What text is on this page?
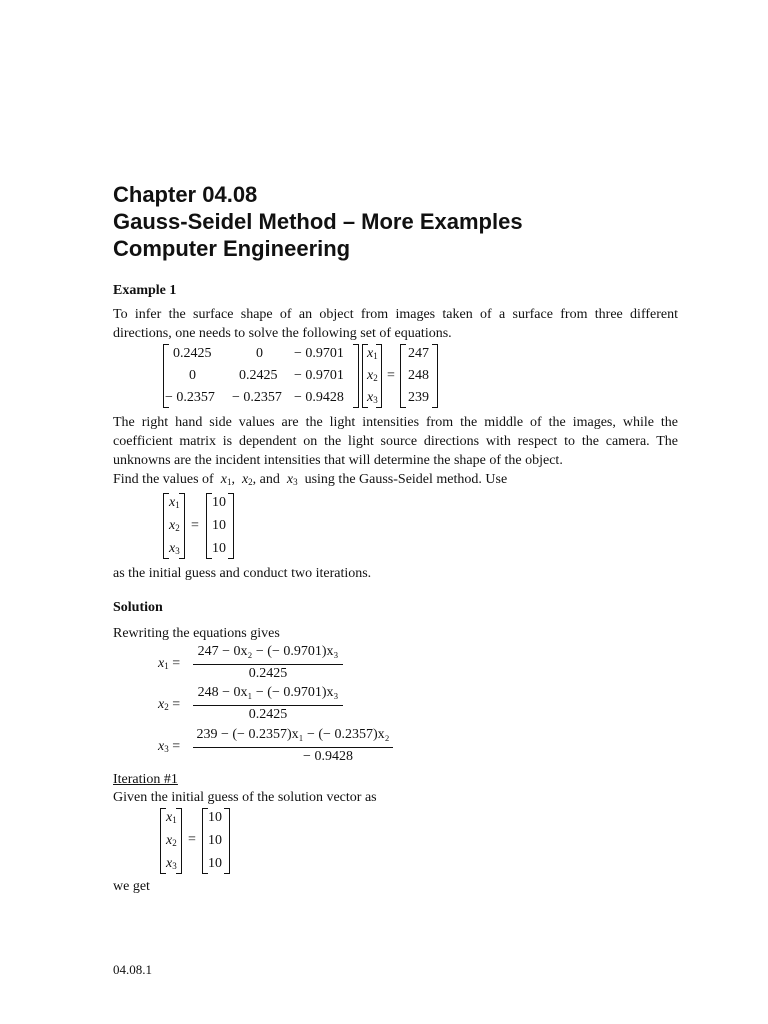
Chapter 04.08
Gauss-Seidel Method – More Examples
Computer Engineering
Example 1
To infer the surface shape of an object from images taken of a surface from three different directions, one needs to solve the following set of equations.
0.2425	0 − 0.9701
0	0.2425 − 0.9701
− 0.2357 − 0.2357 − 0.9428
$x_1$
$x_2$
$x_3$
=
247
248
239
The right hand side values are the light intensities from the middle of the images, while the coefficient matrix is dependent on the light source directions with respect to the camera. The unknowns are the incident intensities that will determine the shape of the object.
Find the values of $x_1$, $x_2$, and $x_3$ using the Gauss-Seidel method. Use
$x_1$
$x_2$
$x_3$
=
10
10
10
as the initial guess and conduct two iterations.
Solution
Rewriting the equations gives
$x_1$ =
247 − 0x₂ − (− 0.9701)x₃
0.2425
$x_2$ =
248 − 0x₁ − (− 0.9701)x₃
0.2425
$x_3$ =
239 − (− 0.2357)x₁ − (− 0.2357)x₂
− 0.9428
Iteration #1
Given the initial guess of the solution vector as
$x_1$
$x_2$
$x_3$
=
10
10
10
we get
04.08.1
